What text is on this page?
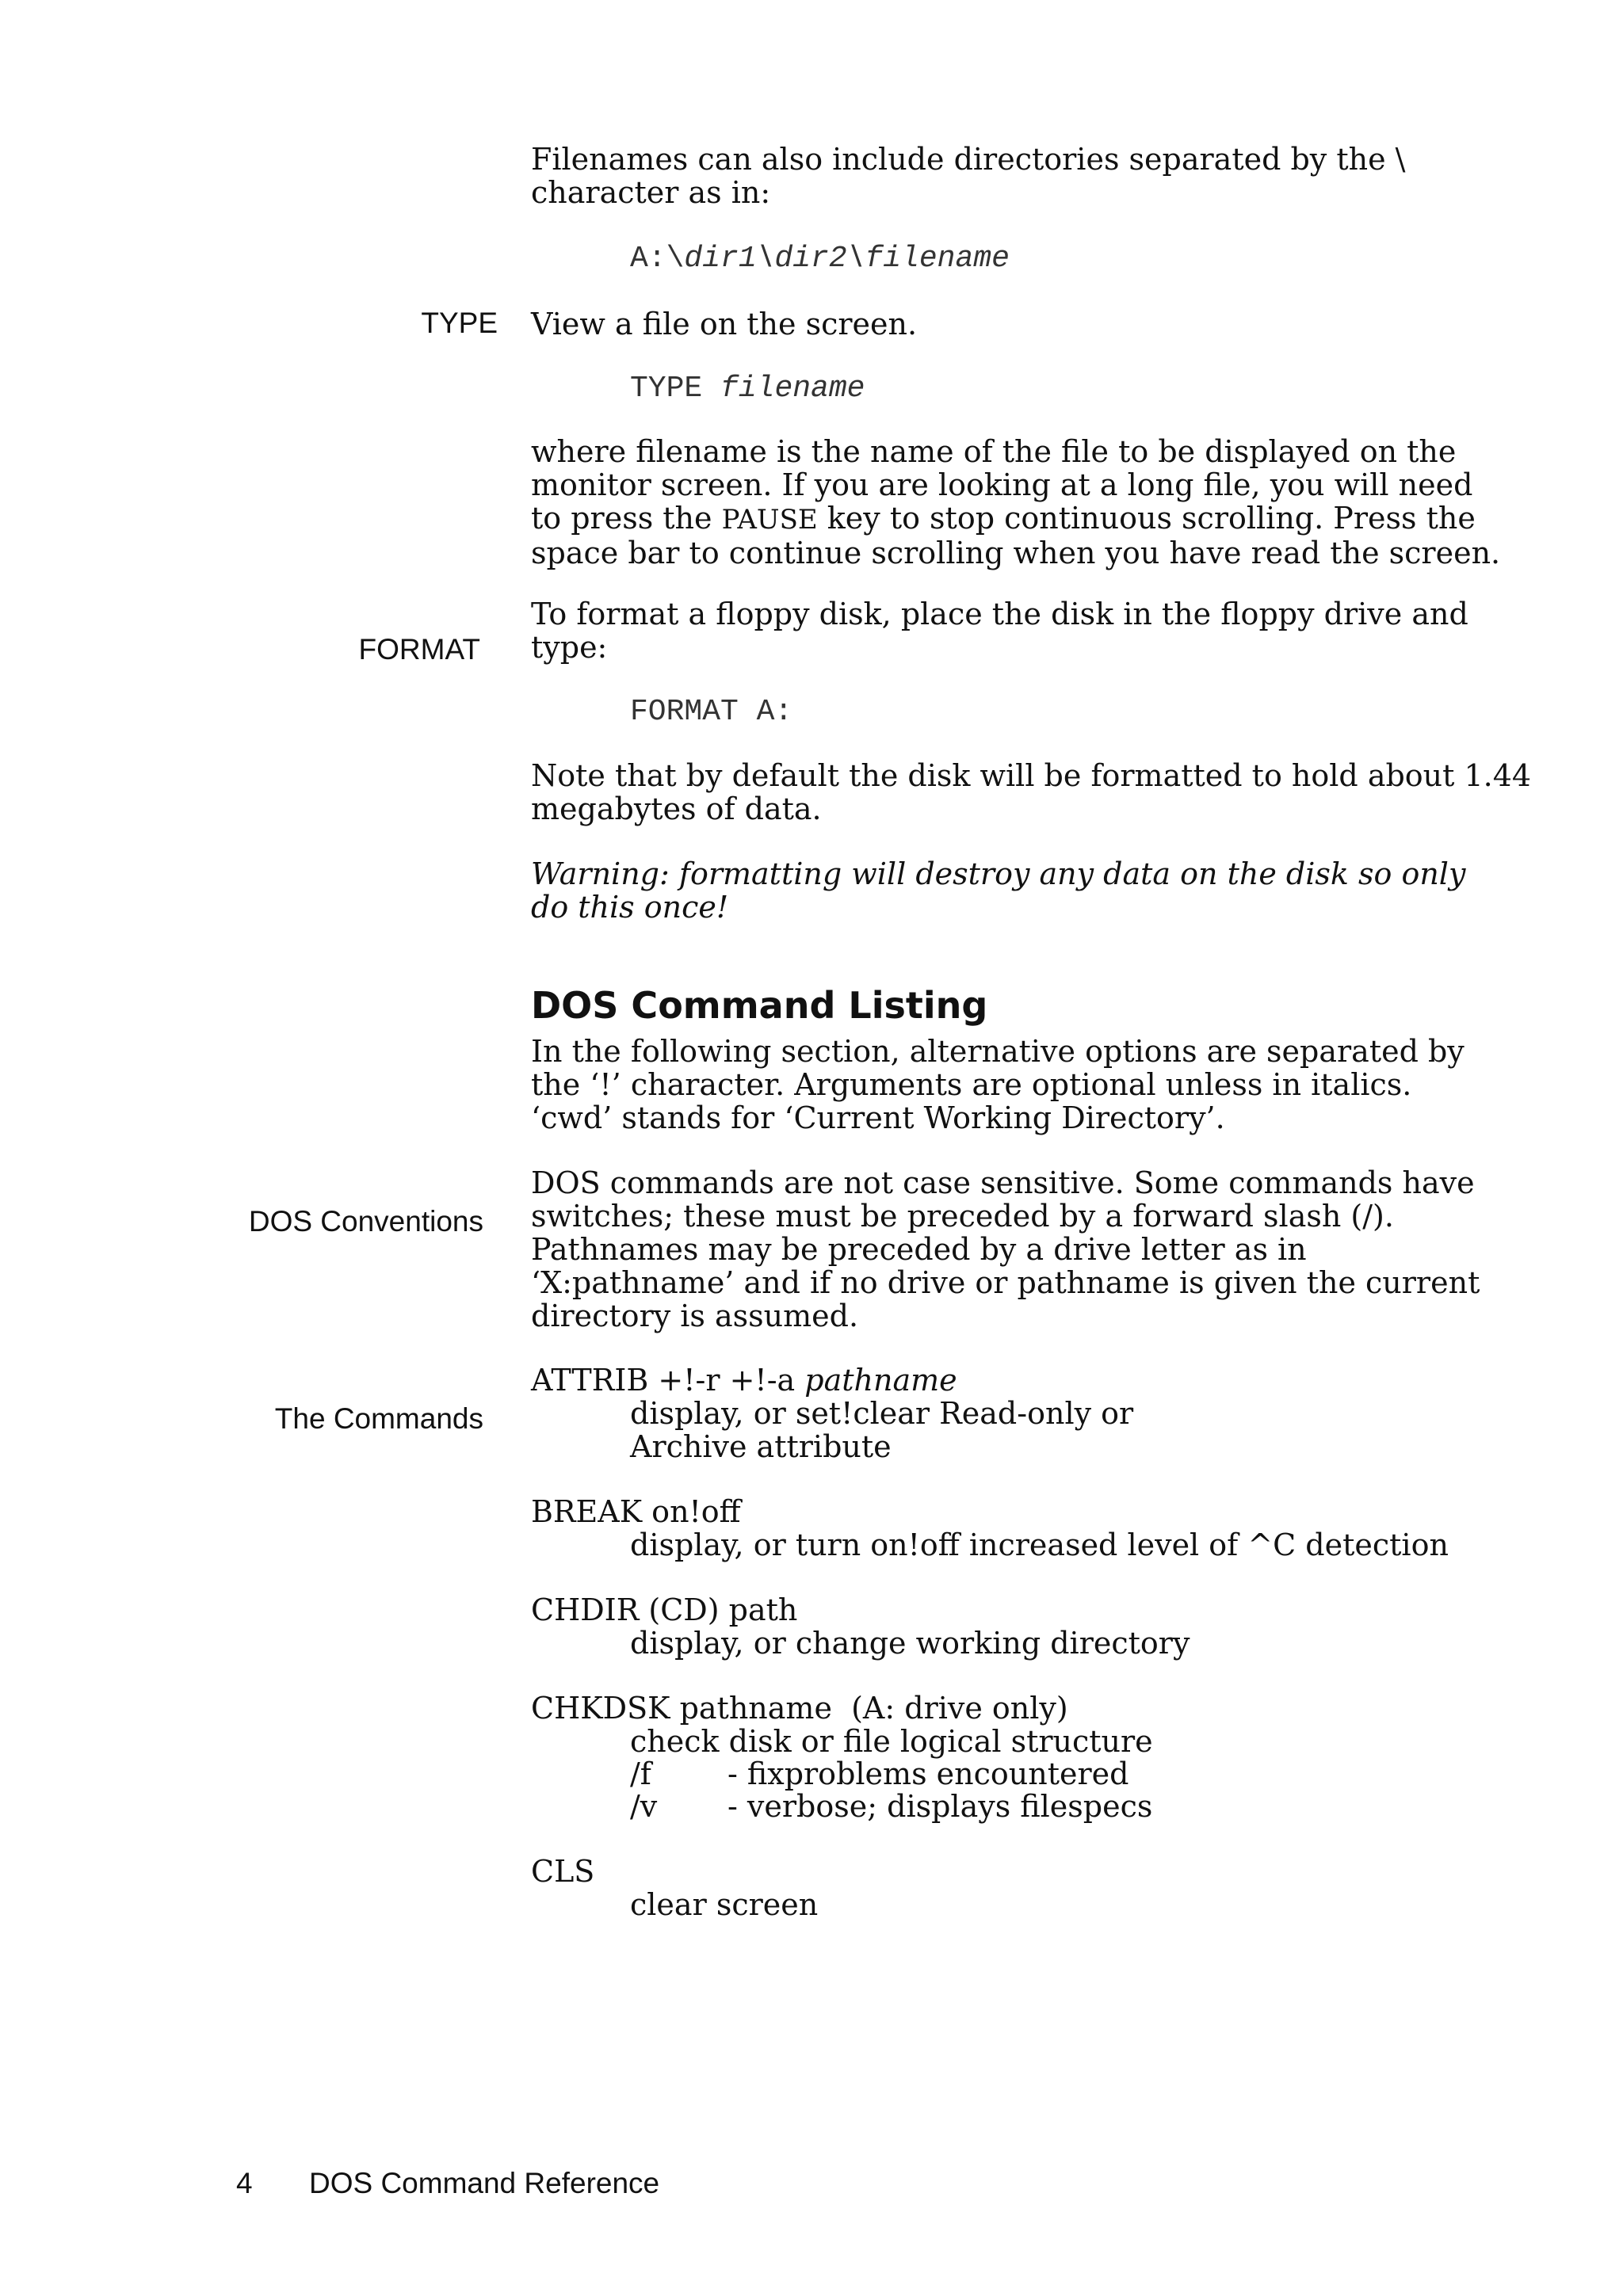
Filenames can also include directories separated by the \
character as in:
A:\dir1\dir2\filename
TYPE View a file on the screen.
TYPE filename
where filename is the name of the file to be displayed on the
monitor screen. If you are looking at a long file, you will need
to press the PAUSE key to stop continuous scrolling. Press the
space bar to continue scrolling when you have read the screen.
FORMAT
To format a floppy disk, place the disk in the floppy drive and
type:
FORMAT A:
Note that by default the disk will be formatted to hold about 1.44
megabytes of data.
Warning: formatting will destroy any data on the disk so only
do this once!
DOS Command Listing
In the following section, alternative options are separated by
the ‘!’ character. Arguments are optional unless in italics.
‘cwd’ stands for ‘Current Working Directory’.
DOS Conventions
DOS commands are not case sensitive. Some commands have
switches; these must be preceded by a forward slash (/).
Pathnames may be preceded by a drive letter as in
‘X:pathname’ and if no drive or pathname is given the current
directory is assumed.
The Commands
ATTRIB +!-r +!-a pathname
display, or set!clear Read-only or
Archive attribute
BREAK on!off
display, or turn on!off increased level of ^C detection
CHDIR (CD) path
display, or change working directory
CHKDSK pathname  (A: drive only)
check disk or file logical structure
/f	- fixproblems encountered
/v - verbose; displays filespecs
CLS
clear screen
4 DOS Command Reference
